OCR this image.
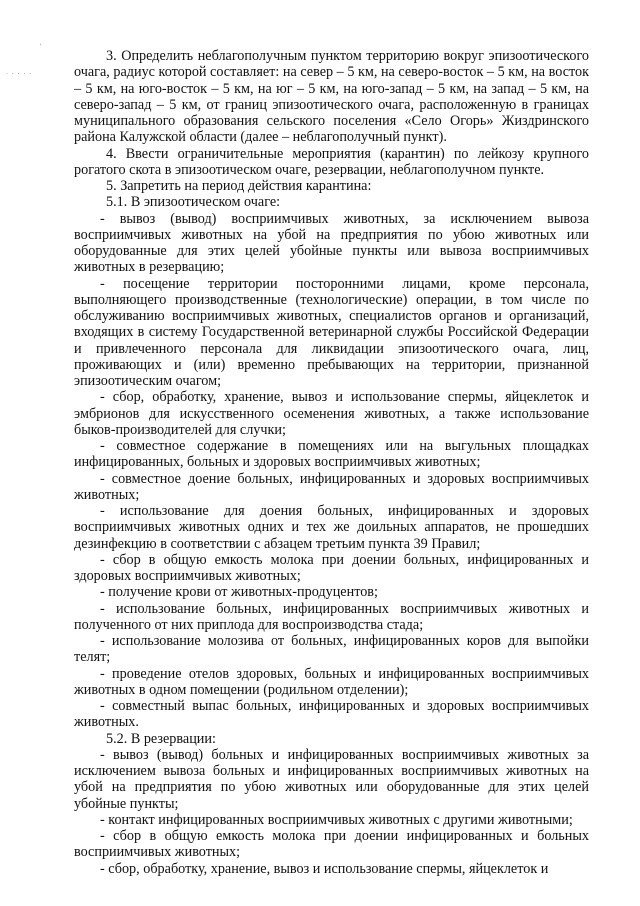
'
· · · · ·

3. Определить неблагополучным пунктом территорию вокруг эпизоотического очага, радиус которой составляет: на север – 5 км, на северо-восток – 5 км, на восток – 5 км, на юго-восток – 5 км, на юг – 5 км, на юго-запад – 5 км, на запад – 5 км, на северо-запад – 5 км, от границ эпизоотического очага, расположенную в границах муниципального образования сельского поселения «Село Огорь» Жиздринского района Калужской области (далее – неблагополучный пункт).

4. Ввести ограничительные мероприятия (карантин) по лейкозу крупного рогатого скота в эпизоотическом очаге, резервации, неблагополучном пункте.

5. Запретить на период действия карантина:

5.1. В эпизоотическом очаге:

- вывоз (вывод) восприимчивых животных, за исключением вывоза восприимчивых животных на убой на предприятия по убою животных или оборудованные для этих целей убойные пункты или вывоза восприимчивых животных в резервацию;

- посещение территории посторонними лицами, кроме персонала, выполняющего производственные (технологические) операции, в том числе по обслуживанию восприимчивых животных, специалистов органов и организаций, входящих в систему Государственной ветеринарной службы Российской Федерации и привлеченного персонала для ликвидации эпизоотического очага, лиц, проживающих и (или) временно пребывающих на территории, признанной эпизоотическим очагом;

- сбор, обработку, хранение, вывоз и использование спермы, яйцеклеток и эмбрионов для искусственного осеменения животных, а также использование быков-производителей для случки;

- совместное содержание в помещениях или на выгульных площадках инфицированных, больных и здоровых восприимчивых животных;

- совместное доение больных, инфицированных и здоровых восприимчивых животных;

- использование для доения больных, инфицированных и здоровых восприимчивых животных одних и тех же доильных аппаратов, не прошедших дезинфекцию в соответствии с абзацем третьим пункта 39 Правил;

- сбор в общую емкость молока при доении больных, инфицированных и здоровых восприимчивых животных;

- получение крови от животных-продуцентов;

- использование больных, инфицированных восприимчивых животных и полученного от них приплода для воспроизводства стада;

- использование молозива от больных, инфицированных коров для выпойки телят;

- проведение отелов здоровых, больных и инфицированных восприимчивых животных в одном помещении (родильном отделении);

- совместный выпас больных, инфицированных и здоровых восприимчивых животных.

5.2. В резервации:

- вывоз (вывод) больных и инфицированных восприимчивых животных за исключением вывоза больных и инфицированных восприимчивых животных на убой на предприятия по убою животных или оборудованные для этих целей убойные пункты;

- контакт инфицированных восприимчивых животных с другими животными;

- сбор в общую емкость молока при доении инфицированных и больных восприимчивых животных;

- сбор, обработку, хранение, вывоз и использование спермы, яйцеклеток и
